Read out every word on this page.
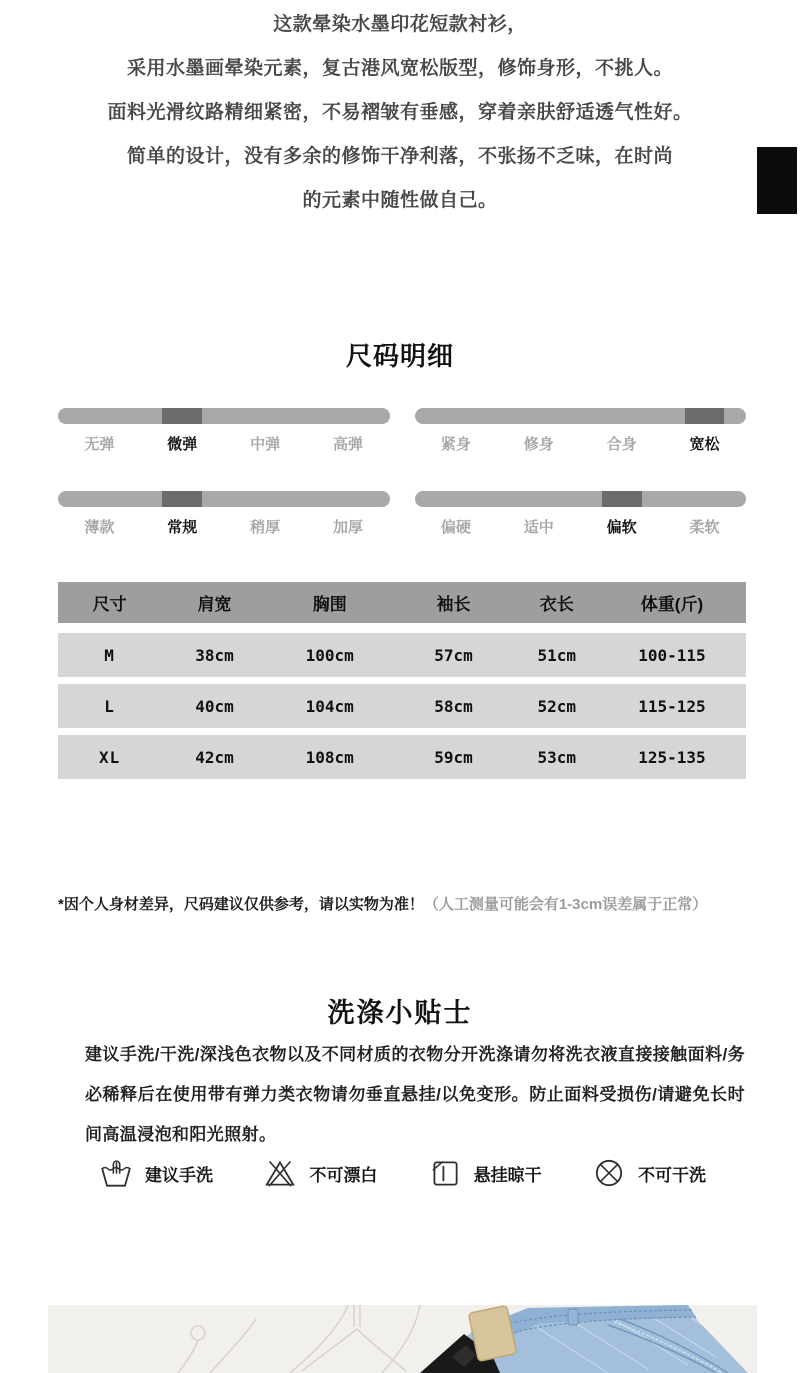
这款晕染水墨印花短款衬衫，

采用水墨画晕染元素，复古港风宽松版型，修饰身形，不挑人。

面料光滑纹路精细紧密，不易褶皱有垂感，穿着亲肤舒适透气性好。

简单的设计，没有多余的修饰干净利落，不张扬不乏味，在时尚

的元素中随性做自己。

尺码明细
无弹	微弹	中弹	高弹	紧身	修身	合身	宽松
薄款	常规	稍厚	加厚	偏硬	适中	偏软	柔软
尺寸	肩宽	胸围	袖长	衣长	体重(斤)
M	38cm	100cm	57cm	51cm	100-115
L	40cm	104cm	58cm	52cm	115-125
XL	42cm	108cm	59cm	53cm	125-135

*因个人身材差异，尺码建议仅供参考，请以实物为准！（人工测量可能会有1-3cm误差属于正常）

洗涤小贴士

建议手洗/干洗/深浅色衣物以及不同材质的衣物分开洗涤请勿将洗衣液直接接触面料/务必稀释后在使用带有弹力类衣物请勿垂直悬挂/以免变形。防止面料受损伤/请避免长时间高温浸泡和阳光照射。

建议手洗	不可漂白	悬挂晾干	不可干洗
